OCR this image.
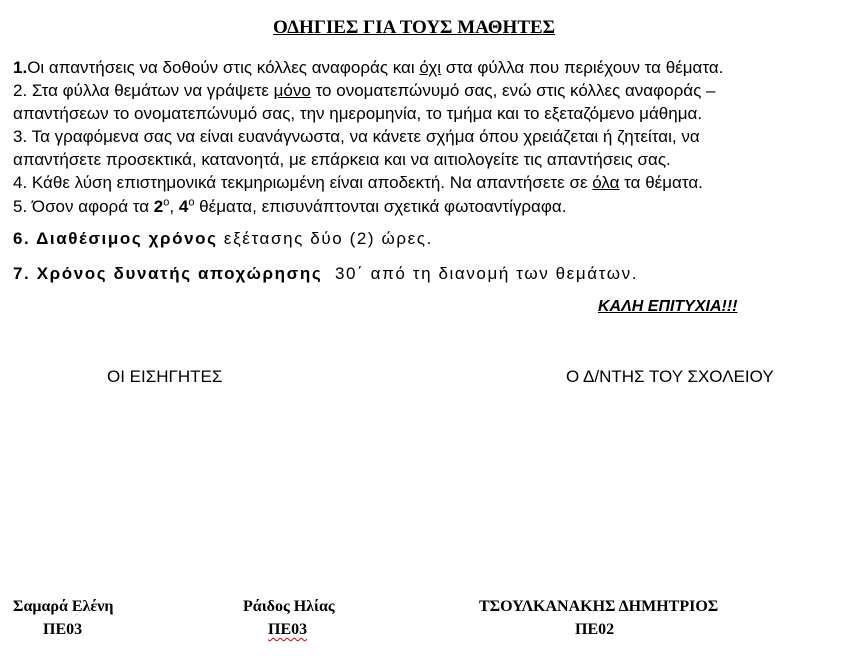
ΟΔΗΓΙΕΣ ΓΙΑ ΤΟΥΣ ΜΑΘΗΤΕΣ
1.Οι απαντήσεις να δοθούν στις κόλλες αναφοράς και όχι στα φύλλα που περιέχουν τα θέματα.
2. Στα φύλλα θεμάτων να γράψετε μόνο το ονοματεπώνυμό σας, ενώ στις κόλλες αναφοράς –
απαντήσεων το ονοματεπώνυμό σας, την ημερομηνία, το τμήμα και το εξεταζόμενο μάθημα.
3. Τα γραφόμενα σας να είναι ευανάγνωστα, να κάνετε σχήμα όπου χρειάζεται ή ζητείται, να
απαντήσετε προσεκτικά, κατανοητά, με επάρκεια και να αιτιολογείτε τις απαντήσεις σας.
4. Κάθε λύση επιστημονικά τεκμηριωμένη είναι αποδεκτή. Να απαντήσετε σε όλα τα θέματα.
5. Όσον αφορά τα $2^o$, $4^o$ θέματα, επισυνάπτονται σχετικά φωτοαντίγραφα.
6. Διαθέσιμος χρόνος εξέτασης δύο (2) ώρες.
7. Χρόνος δυνατής αποχώρησης  30΄ από τη διανομή των θεμάτων.
ΚΑΛΗ ΕΠΙΤΥΧΙΑ!!!
ΟΙ ΕΙΣΗΓΗΤΕΣ	Ο Δ/ΝΤΗΣ ΤΟΥ ΣΧΟΛΕΙΟΥ
Σαμαρά Ελένη
ΠΕ03
Ράιδος Ηλίας
ΠΕ03
ΤΣΟΥΛΚΑΝΑΚΗΣ ΔΗΜΗΤΡΙΟΣ
ΠΕ02
